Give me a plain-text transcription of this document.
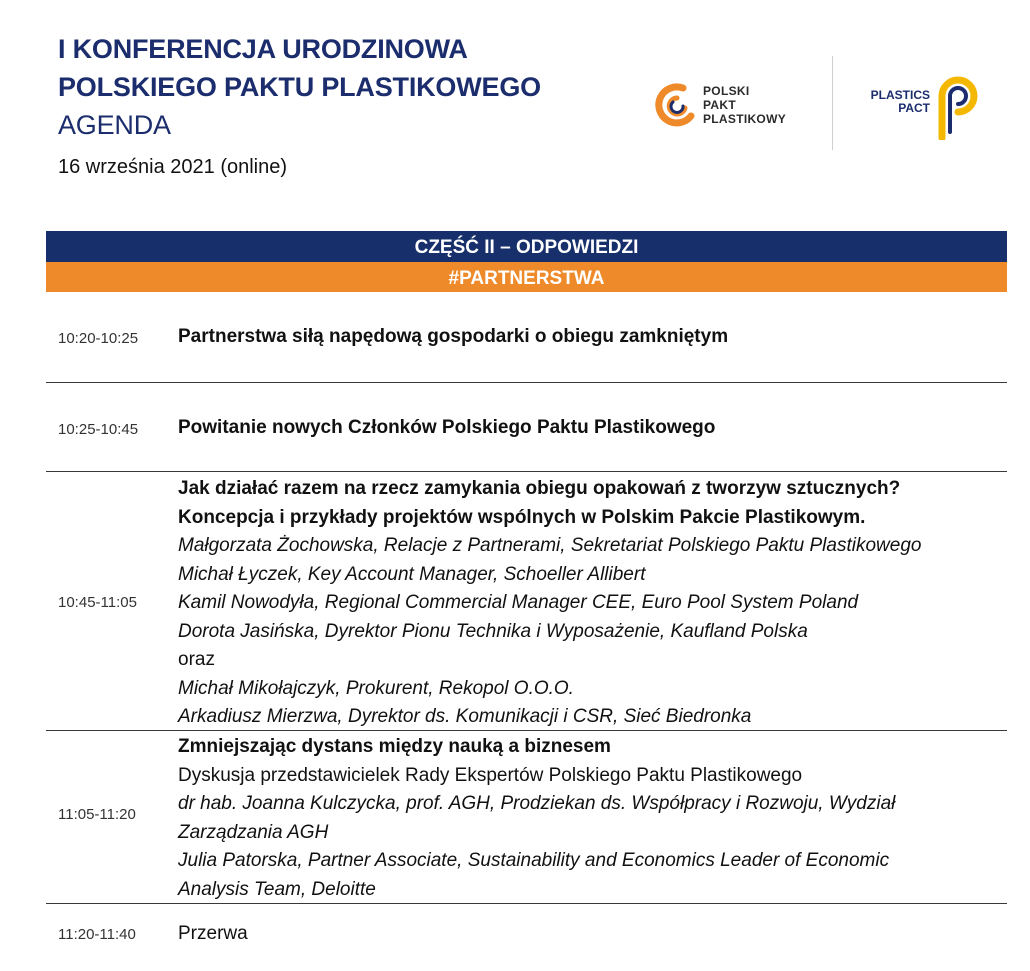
I KONFERENCJA URODZINOWA
POLSKIEGO PAKTU PLASTIKOWEGO
AGENDA
16 września 2021 (online)
POLSKI
PAKT
PLASTIKOWY
PLASTICS
PACT
CZĘŚĆ II – ODPOWIEDZI
#PARTNERSTWA
10:20-10:25 Partnerstwa siłą napędową gospodarki o obiegu zamkniętym
10:25-10:45 Powitanie nowych Członków Polskiego Paktu Plastikowego
10:45-11:05
Jak działać razem na rzecz zamykania obiegu opakowań z tworzyw sztucznych?
Koncepcja i przykłady projektów wspólnych w Polskim Pakcie Plastikowym.
Małgorzata Żochowska, Relacje z Partnerami, Sekretariat Polskiego Paktu Plastikowego
Michał Łyczek, Key Account Manager, Schoeller Allibert
Kamil Nowodyła, Regional Commercial Manager CEE, Euro Pool System Poland
Dorota Jasińska, Dyrektor Pionu Technika i Wyposażenie, Kaufland Polska
oraz
Michał Mikołajczyk, Prokurent, Rekopol O.O.O.
Arkadiusz Mierzwa, Dyrektor ds. Komunikacji i CSR, Sieć Biedronka
11:05-11:20
Zmniejszając dystans między nauką a biznesem
Dyskusja przedstawicielek Rady Ekspertów Polskiego Paktu Plastikowego
dr hab. Joanna Kulczycka, prof. AGH, Prodziekan ds. Współpracy i Rozwoju, Wydział
Zarządzania AGH
Julia Patorska, Partner Associate, Sustainability and Economics Leader of Economic
Analysis Team, Deloitte
11:20-11:40 Przerwa
